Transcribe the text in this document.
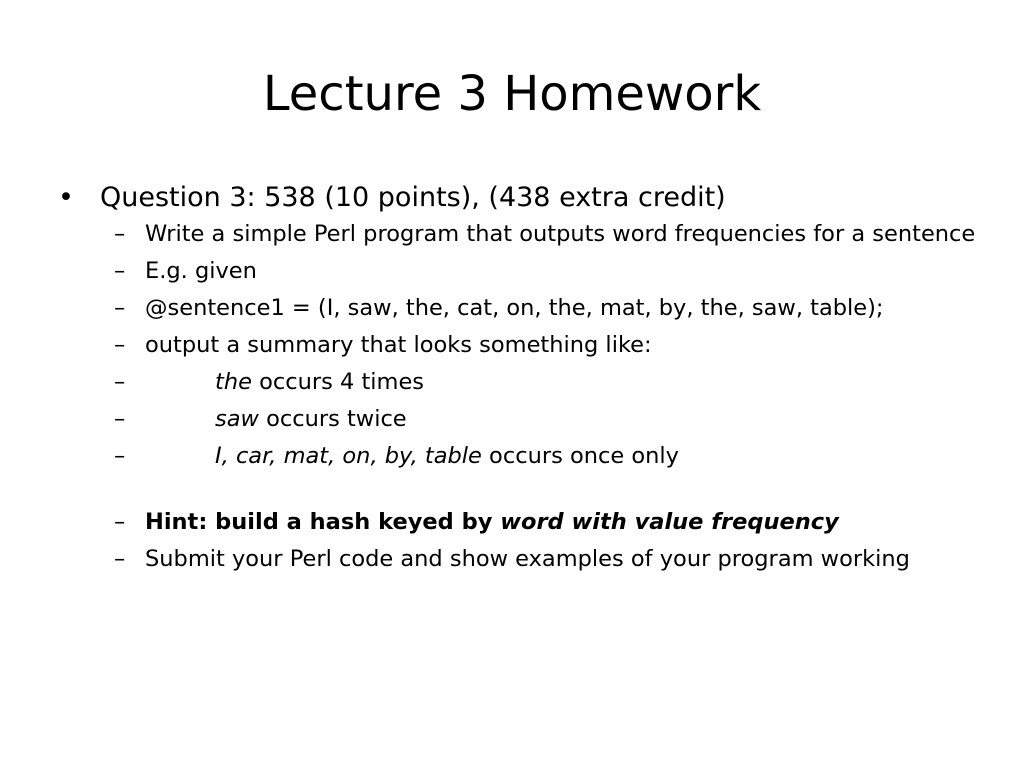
Lecture 3 Homework
• Question 3: 538 (10 points), (438 extra credit)
– Write a simple Perl program that outputs word frequencies for a sentence
– E.g. given
– @sentence1 = (I, saw, the, cat, on, the, mat, by, the, saw, table);
– output a summary that looks something like:
–	the occurs 4 times
–	saw occurs twice
–	I, car, mat, on, by, table occurs once only
– Hint: build a hash keyed by word with value frequency
– Submit your Perl code and show examples of your program working
